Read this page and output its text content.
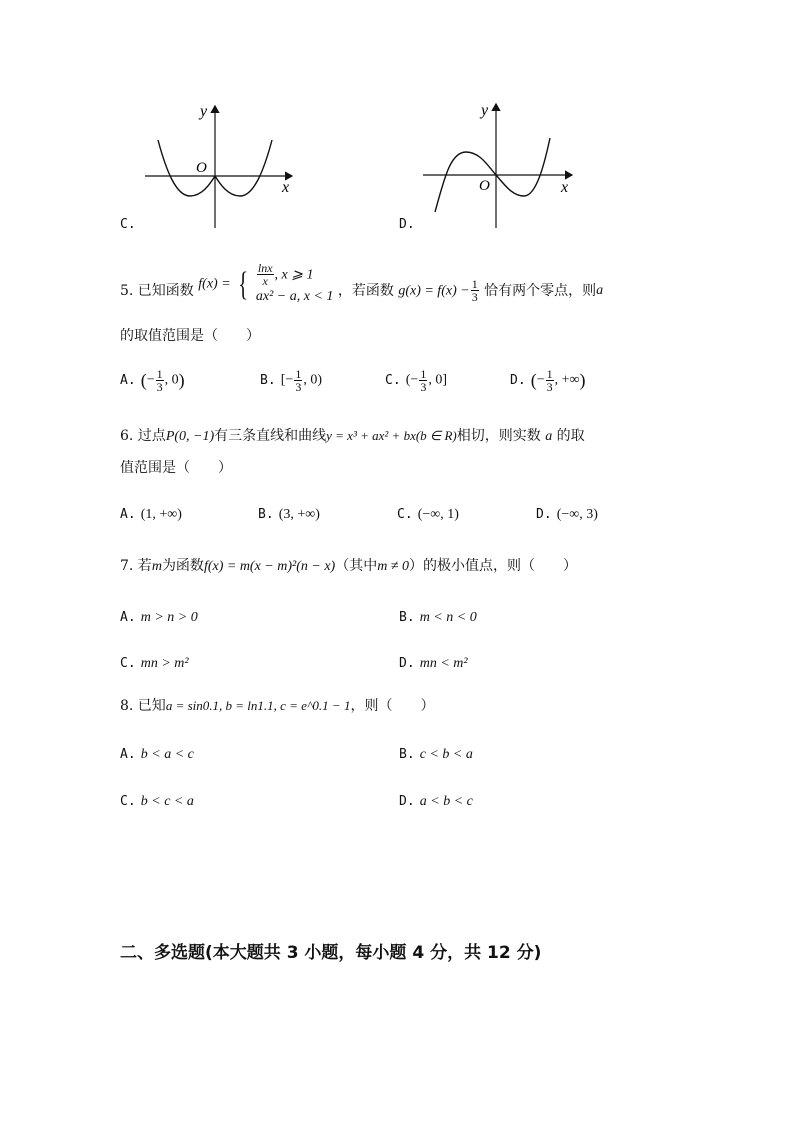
y
O
x
C.
y
O	x
D.
5. 已知函数 f(x) = { $\frac{\ln x}{x}$ , x ⩾ 1
ax² − a, x < 1 ，若函数 $g(x) = f(x) - \frac{1}{3}$ 恰有两个零点，则a
的取值范围是（　　）
A. (− $\frac{1}{3}$ , 0)	B. [− $\frac{1}{3}$ , 0)	C. (− $\frac{1}{3}$ , 0]	D. (− $\frac{1}{3}$ , +∞)
6. 过点P(0, −1)有三条直线和曲线y = x³ + ax² + bx(b ∈ R)相切，则实数 a 的取
值范围是（　　）
A. (1, +∞)	B. (3, +∞)	C. (−∞, 1)	D. (−∞, 3)
7. 若m为函数f(x) = m(x − m)²(n − x)（其中m ≠ 0）的极小值点，则（　　）
A. m > n > 0	B. m < n < 0
C. mn > m²	D. mn < m²
8. 已知a = sin0.1, b = ln1.1, c = e^0.1 − 1，则（　　）
A. b < a < c	B. c < b < a
C. b < c < a	D. a < b < c
二、多选题(本大题共 3 小题，每小题 4 分，共 12 分)
